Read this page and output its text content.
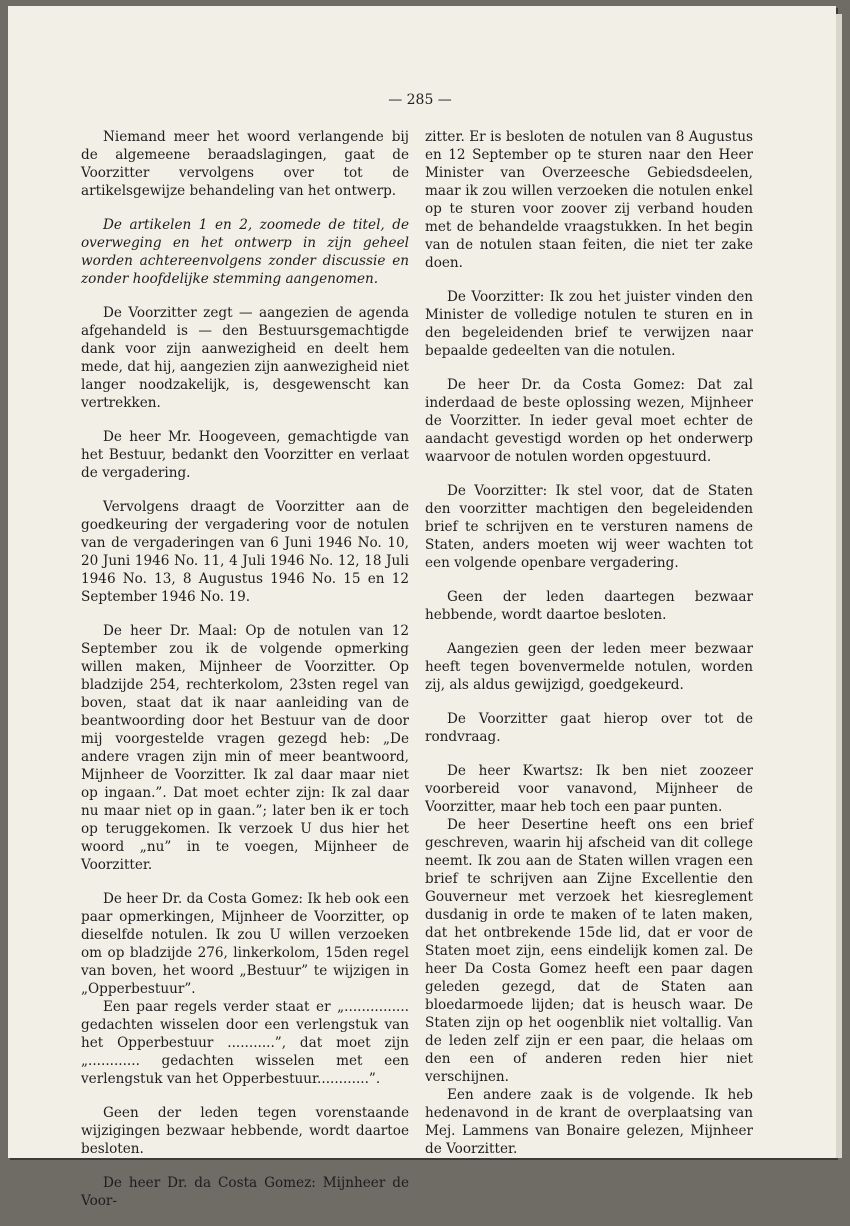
— 285 —

Niemand meer het woord verlangende bij de algemeene beraadslagingen, gaat de Voorzitter vervolgens over tot de artikelsgewijze behandeling van het ontwerp.

De artikelen 1 en 2, zoomede de titel, de overweging en het ontwerp in zijn geheel worden achtereenvolgens zonder discussie en zonder hoofdelijke stemming aangenomen.

De Voorzitter zegt — aangezien de agenda afgehandeld is — den Bestuursgemachtigde dank voor zijn aanwezigheid en deelt hem mede, dat hij, aangezien zijn aanwezigheid niet langer noodzakelijk, is, desgewenscht kan vertrekken.

De heer Mr. Hoogeveen, gemachtigde van het Bestuur, bedankt den Voorzitter en verlaat de vergadering.

Vervolgens draagt de Voorzitter aan de goedkeuring der vergadering voor de notulen van de vergaderingen van 6 Juni 1946 No. 10, 20 Juni 1946 No. 11, 4 Juli 1946 No. 12, 18 Juli 1946 No. 13, 8 Augustus 1946 No. 15 en 12 September 1946 No. 19.

De heer Dr. Maal: Op de notulen van 12 September zou ik de volgende opmerking willen maken, Mijnheer de Voorzitter. Op bladzijde 254, rechterkolom, 23sten regel van boven, staat dat ik naar aanleiding van de beantwoording door het Bestuur van de door mij voorgestelde vragen gezegd heb: „De andere vragen zijn min of meer beantwoord, Mijnheer de Voorzitter. Ik zal daar maar niet op ingaan.”. Dat moet echter zijn: Ik zal daar nu maar niet op in gaan.”; later ben ik er toch op teruggekomen. Ik verzoek U dus hier het woord „nu” in te voegen, Mijnheer de Voorzitter.

De heer Dr. da Costa Gomez: Ik heb ook een paar opmerkingen, Mijnheer de Voorzitter, op dieselfde notulen. Ik zou U willen verzoeken om op bladzijde 276, linkerkolom, 15den regel van boven, het woord „Bestuur” te wijzigen in „Opperbestuur”.

Een paar regels verder staat er „............... gedachten wisselen door een verlengstuk van het Opperbestuur ...........”, dat moet zijn „............ gedachten wisselen met een verlengstuk van het Opperbestuur............”.

Geen der leden tegen vorenstaande wijzigingen bezwaar hebbende, wordt daartoe besloten.

De heer Dr. da Costa Gomez: Mijnheer de Voor-

zitter. Er is besloten de notulen van 8 Augustus en 12 September op te sturen naar den Heer Minister van Overzeesche Gebiedsdeelen, maar ik zou willen verzoeken die notulen enkel op te sturen voor zoover zij verband houden met de behandelde vraagstukken. In het begin van de notulen staan feiten, die niet ter zake doen.

De Voorzitter: Ik zou het juister vinden den Minister de volledige notulen te sturen en in den begeleidenden brief te verwijzen naar bepaalde gedeelten van die notulen.

De heer Dr. da Costa Gomez: Dat zal inderdaad de beste oplossing wezen, Mijnheer de Voorzitter. In ieder geval moet echter de aandacht gevestigd worden op het onderwerp waarvoor de notulen worden opgestuurd.

De Voorzitter: Ik stel voor, dat de Staten den voorzitter machtigen den begeleidenden brief te schrijven en te versturen namens de Staten, anders moeten wij weer wachten tot een volgende openbare vergadering.

Geen der leden daartegen bezwaar hebbende, wordt daartoe besloten.

Aangezien geen der leden meer bezwaar heeft tegen bovenvermelde notulen, worden zij, als aldus gewijzigd, goedgekeurd.

De Voorzitter gaat hierop over tot de rondvraag.

De heer Kwartsz: Ik ben niet zoozeer voorbereid voor vanavond, Mijnheer de Voorzitter, maar heb toch een paar punten.

De heer Desertine heeft ons een brief geschreven, waarin hij afscheid van dit college neemt. Ik zou aan de Staten willen vragen een brief te schrijven aan Zijne Excellentie den Gouverneur met verzoek het kiesreglement dusdanig in orde te maken of te laten maken, dat het ontbrekende 15de lid, dat er voor de Staten moet zijn, eens eindelijk komen zal. De heer Da Costa Gomez heeft een paar dagen geleden gezegd, dat de Staten aan bloedarmoede lijden; dat is heusch waar. De Staten zijn op het oogenblik niet voltallig. Van de leden zelf zijn er een paar, die helaas om den een of anderen reden hier niet verschijnen.

Een andere zaak is de volgende. Ik heb hedenavond in de krant de overplaatsing van Mej. Lammens van Bonaire gelezen, Mijnheer de Voorzitter.
